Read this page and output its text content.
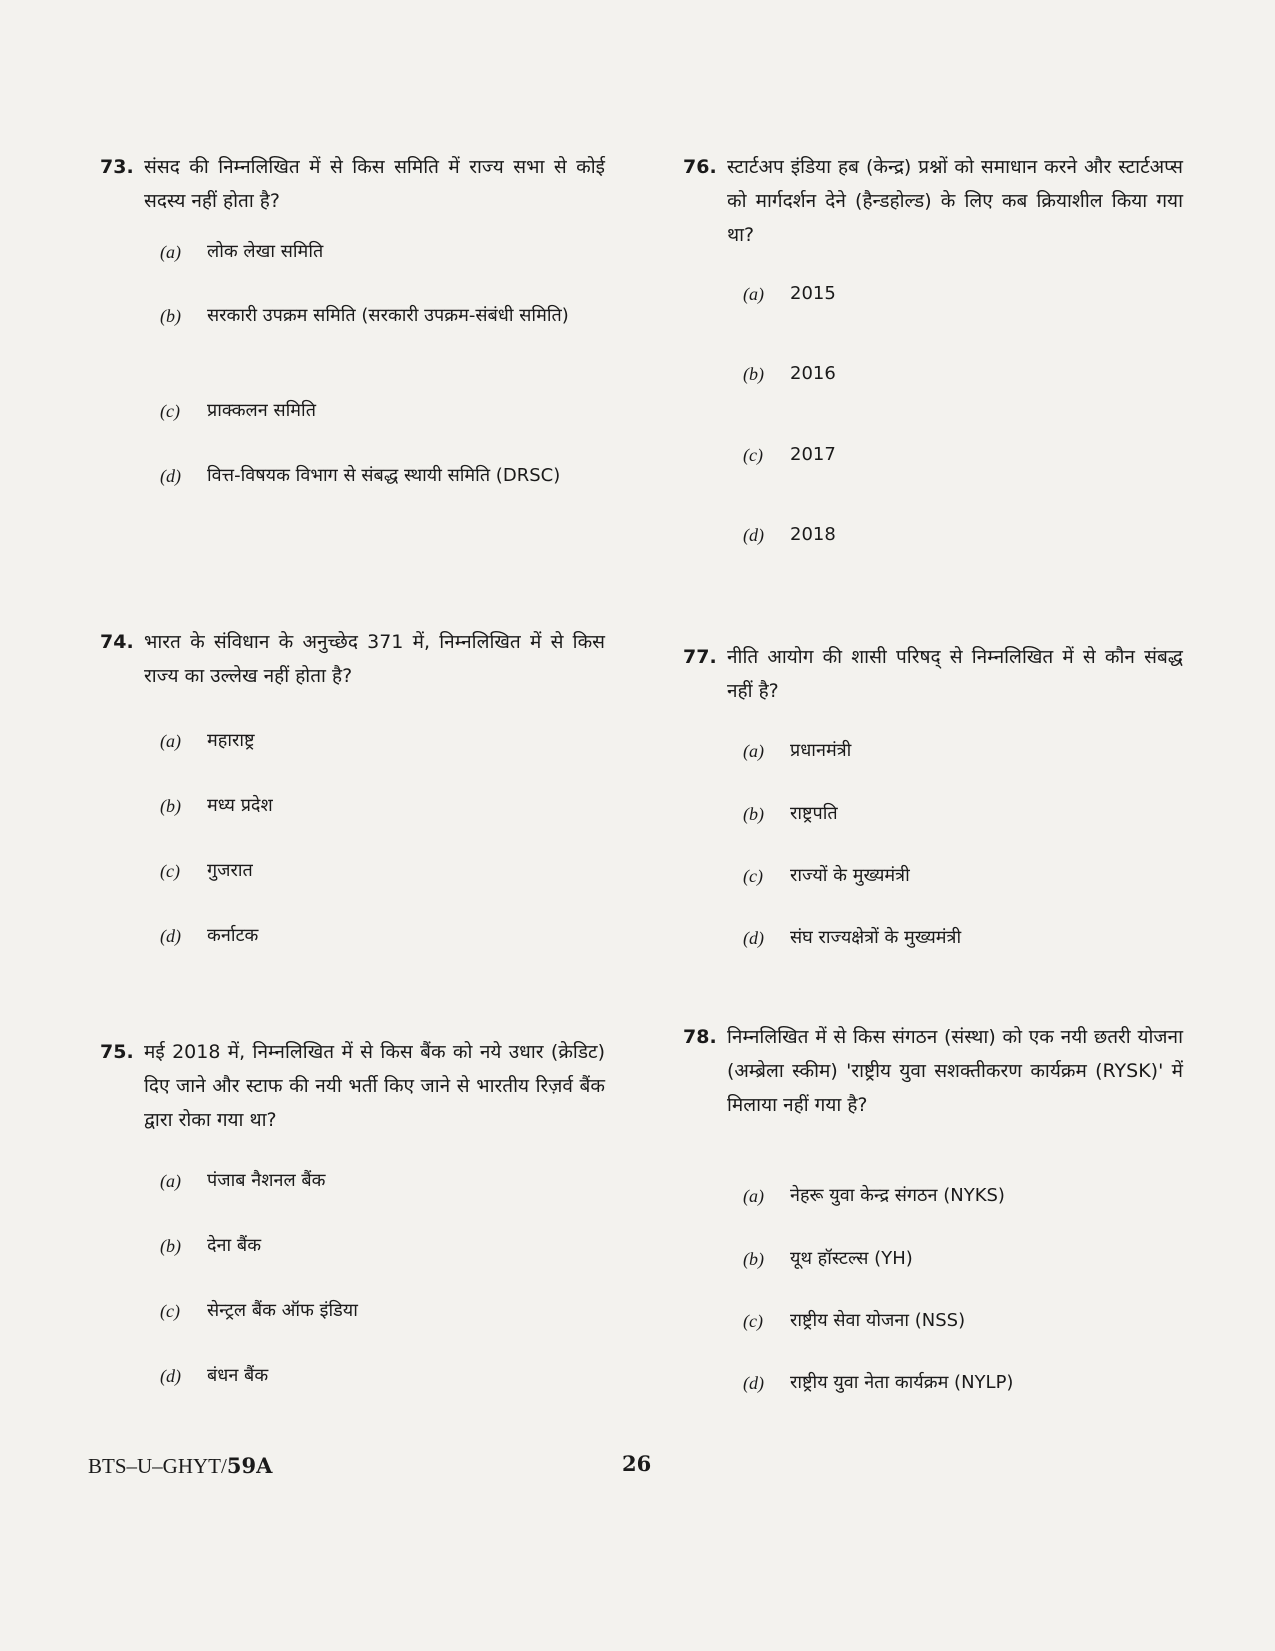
73. संसद की निम्नलिखित में से किस समिति में राज्य सभा से कोई सदस्य नहीं होता है?
(a)	लोक लेखा समिति
(b)	सरकारी उपक्रम समिति (सरकारी उपक्रम-संबंधी समिति)
(c)	प्राक्कलन समिति
(d)	वित्त-विषयक विभाग से संबद्ध स्थायी समिति (DRSC)
74. भारत के संविधान के अनुच्छेद 371 में, निम्नलिखित में से किस राज्य का उल्लेख नहीं होता है?
(a)	महाराष्ट्र
(b)	मध्य प्रदेश
(c)	गुजरात
(d)	कर्नाटक
75. मई 2018 में, निम्नलिखित में से किस बैंक को नये उधार (क्रेडिट) दिए जाने और स्टाफ की नयी भर्ती किए जाने से भारतीय रिज़र्व बैंक द्वारा रोका गया था?
(a)	पंजाब नैशनल बैंक
(b)	देना बैंक
(c)	सेन्ट्रल बैंक ऑफ इंडिया
(d)	बंधन बैंक
76. स्टार्टअप इंडिया हब (केन्द्र) प्रश्नों को समाधान करने और स्टार्टअप्स को मार्गदर्शन देने (हैन्डहोल्ड) के लिए कब क्रियाशील किया गया था?
(a)	2015
(b)	2016
(c)	2017
(d)	2018
77. नीति आयोग की शासी परिषद् से निम्नलिखित में से कौन संबद्ध नहीं है?
(a)	प्रधानमंत्री
(b)	राष्ट्रपति
(c)	राज्यों के मुख्यमंत्री
(d)	संघ राज्यक्षेत्रों के मुख्यमंत्री
78. निम्नलिखित में से किस संगठन (संस्था) को एक नयी छतरी योजना (अम्ब्रेला स्कीम) 'राष्ट्रीय युवा सशक्तीकरण कार्यक्रम (RYSK)' में मिलाया नहीं गया है?
(a)	नेहरू युवा केन्द्र संगठन (NYKS)
(b)	यूथ हॉस्टल्स (YH)
(c)	राष्ट्रीय सेवा योजना (NSS)
(d)	राष्ट्रीय युवा नेता कार्यक्रम (NYLP)
BTS–U–GHYT/59A	26
